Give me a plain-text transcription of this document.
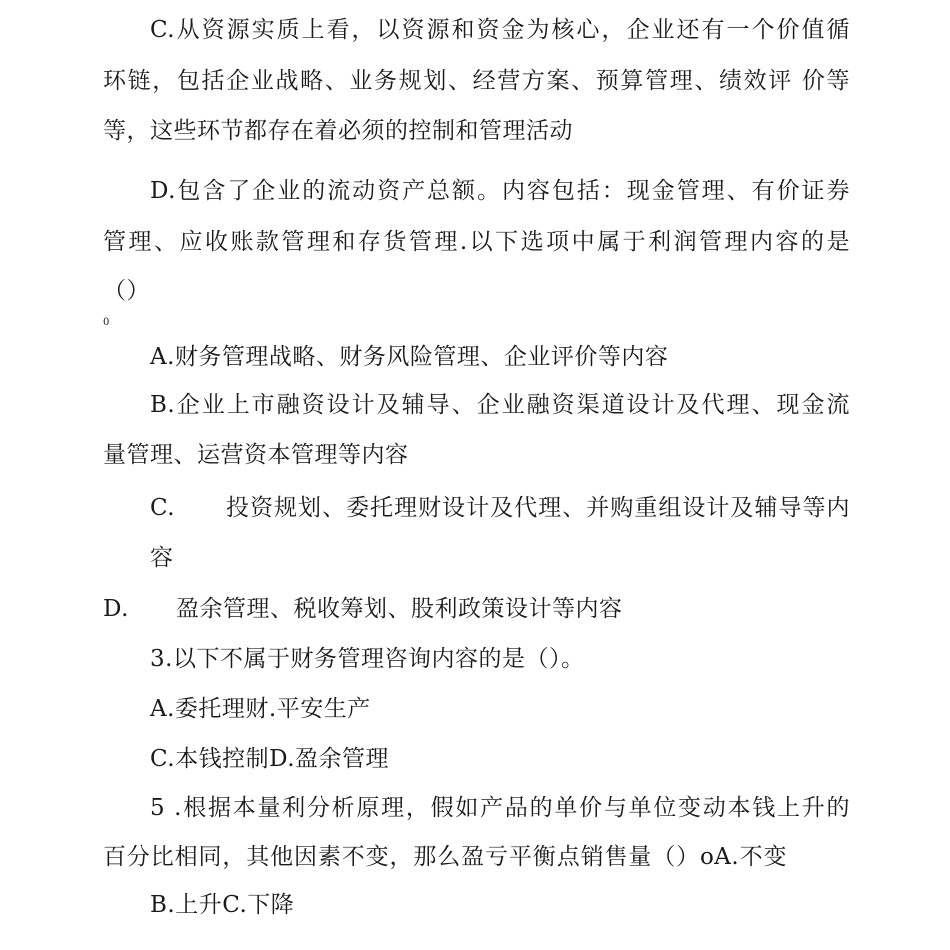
C.从资源实质上看，以资源和资金为核心，企业还有一个价值循
环链，包括企业战略、业务规划、经营方案、预算管理、绩效评 价等
等，这些环节都存在着必须的控制和管理活动
D.包含了企业的流动资产总额。内容包括：现金管理、有价证券
管理、应收账款管理和存货管理.以下选项中属于利润管理内容的是
（）
0
A.财务管理战略、财务风险管理、企业评价等内容
B.企业上市融资设计及辅导、企业融资渠道设计及代理、现金流
量管理、运营资本管理等内容
C. 投资规划、委托理财设计及代理、并购重组设计及辅导等内
容
D. 盈余管理、税收筹划、股利政策设计等内容
3.以下不属于财务管理咨询内容的是（）。
A.委托理财.平安生产
C.本钱控制D.盈余管理
5 .根据本量利分析原理，假如产品的单价与单位变动本钱上升的
百分比相同，其他因素不变，那么盈亏平衡点销售量（）oA.不变
B.上升C.下降
